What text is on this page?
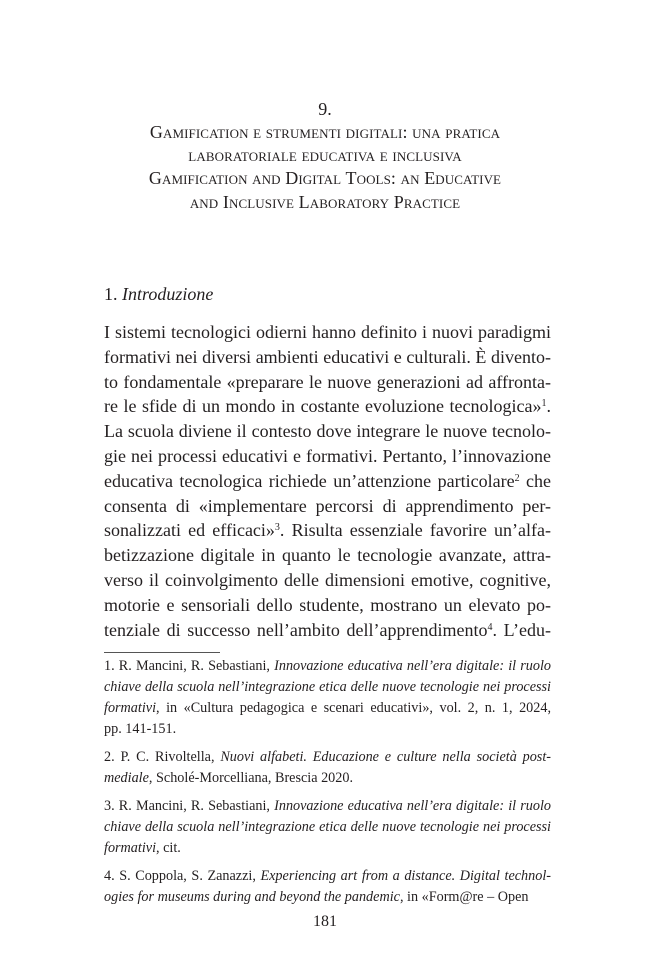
9.
Gamification e strumenti digitali: una pratica
laboratoriale educativa e inclusiva
Gamification and Digital Tools: an Educative
and Inclusive Laboratory Practice
1. Introduzione
I sistemi tecnologici odierni hanno definito i nuovi paradigmi
formativi nei diversi ambienti educativi e culturali. È divento-
to fondamentale «preparare le nuove generazioni ad affronta-
re le sfide di un mondo in costante evoluzione tecnologica»$^1$.
La scuola diviene il contesto dove integrare le nuove tecnolo-
gie nei processi educativi e formativi. Pertanto, l’innovazione
educativa tecnologica richiede un’attenzione particolare$^2$ che
consenta di «implementare percorsi di apprendimento per-
sonalizzati ed efficaci»$^3$. Risulta essenziale favorire un’alfa-
betizzazione digitale in quanto le tecnologie avanzate, attra-
verso il coinvolgimento delle dimensioni emotive, cognitive,
motorie e sensoriali dello studente, mostrano un elevato po-
tenziale di successo nell’ambito dell’apprendimento$^4$. L’edu-
1. R. Mancini, R. Sebastiani, Innovazione educativa nell’era digitale: il ruolo
chiave della scuola nell’integrazione etica delle nuove tecnologie nei processi
formativi, in «Cultura pedagogica e scenari educativi», vol. 2, n. 1, 2024,
pp. 141-151.
2. P. C. Rivoltella, Nuovi alfabeti. Educazione e culture nella società post-
mediale, Scholé-Morcelliana, Brescia 2020.
3. R. Mancini, R. Sebastiani, Innovazione educativa nell’era digitale: il ruolo
chiave della scuola nell’integrazione etica delle nuove tecnologie nei processi
formativi, cit.
4. S. Coppola, S. Zanazzi, Experiencing art from a distance. Digital technol-
ogies for museums during and beyond the pandemic, in «Form@re – Open
181
